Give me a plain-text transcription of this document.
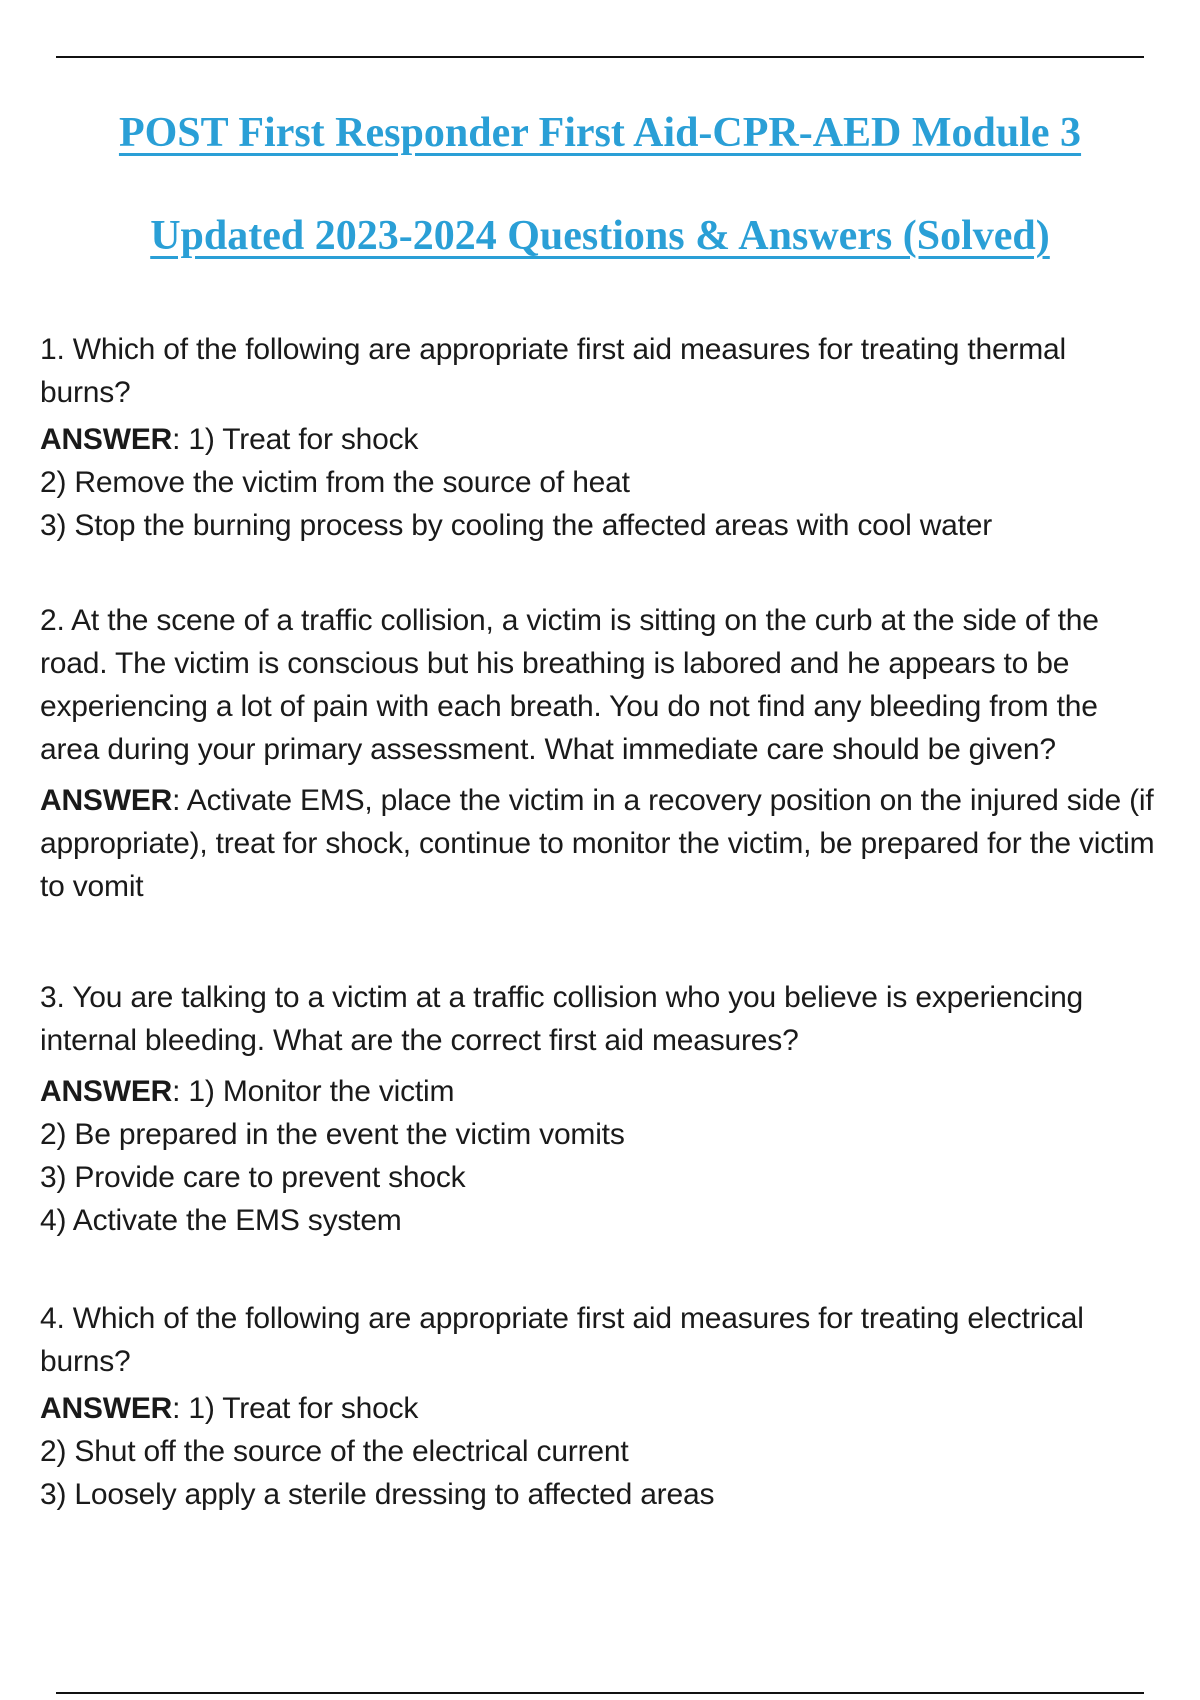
POST First Responder First Aid-CPR-AED Module 3
Updated 2023-2024 Questions & Answers (Solved)

1. Which of the following are appropriate first aid measures for treating thermal burns?

ANSWER: 1) Treat for shock

2) Remove the victim from the source of heat

3) Stop the burning process by cooling the affected areas with cool water

2. At the scene of a traffic collision, a victim is sitting on the curb at the side of the road. The victim is conscious but his breathing is labored and he appears to be experiencing a lot of pain with each breath. You do not find any bleeding from the area during your primary assessment. What immediate care should be given?

ANSWER: Activate EMS, place the victim in a recovery position on the injured side (if appropriate), treat for shock, continue to monitor the victim, be prepared for the victim to vomit

3. You are talking to a victim at a traffic collision who you believe is experiencing internal bleeding. What are the correct first aid measures?

ANSWER: 1) Monitor the victim

2) Be prepared in the event the victim vomits

3) Provide care to prevent shock

4) Activate the EMS system

4. Which of the following are appropriate first aid measures for treating electrical burns?

ANSWER: 1) Treat for shock

2) Shut off the source of the electrical current

3) Loosely apply a sterile dressing to affected areas
